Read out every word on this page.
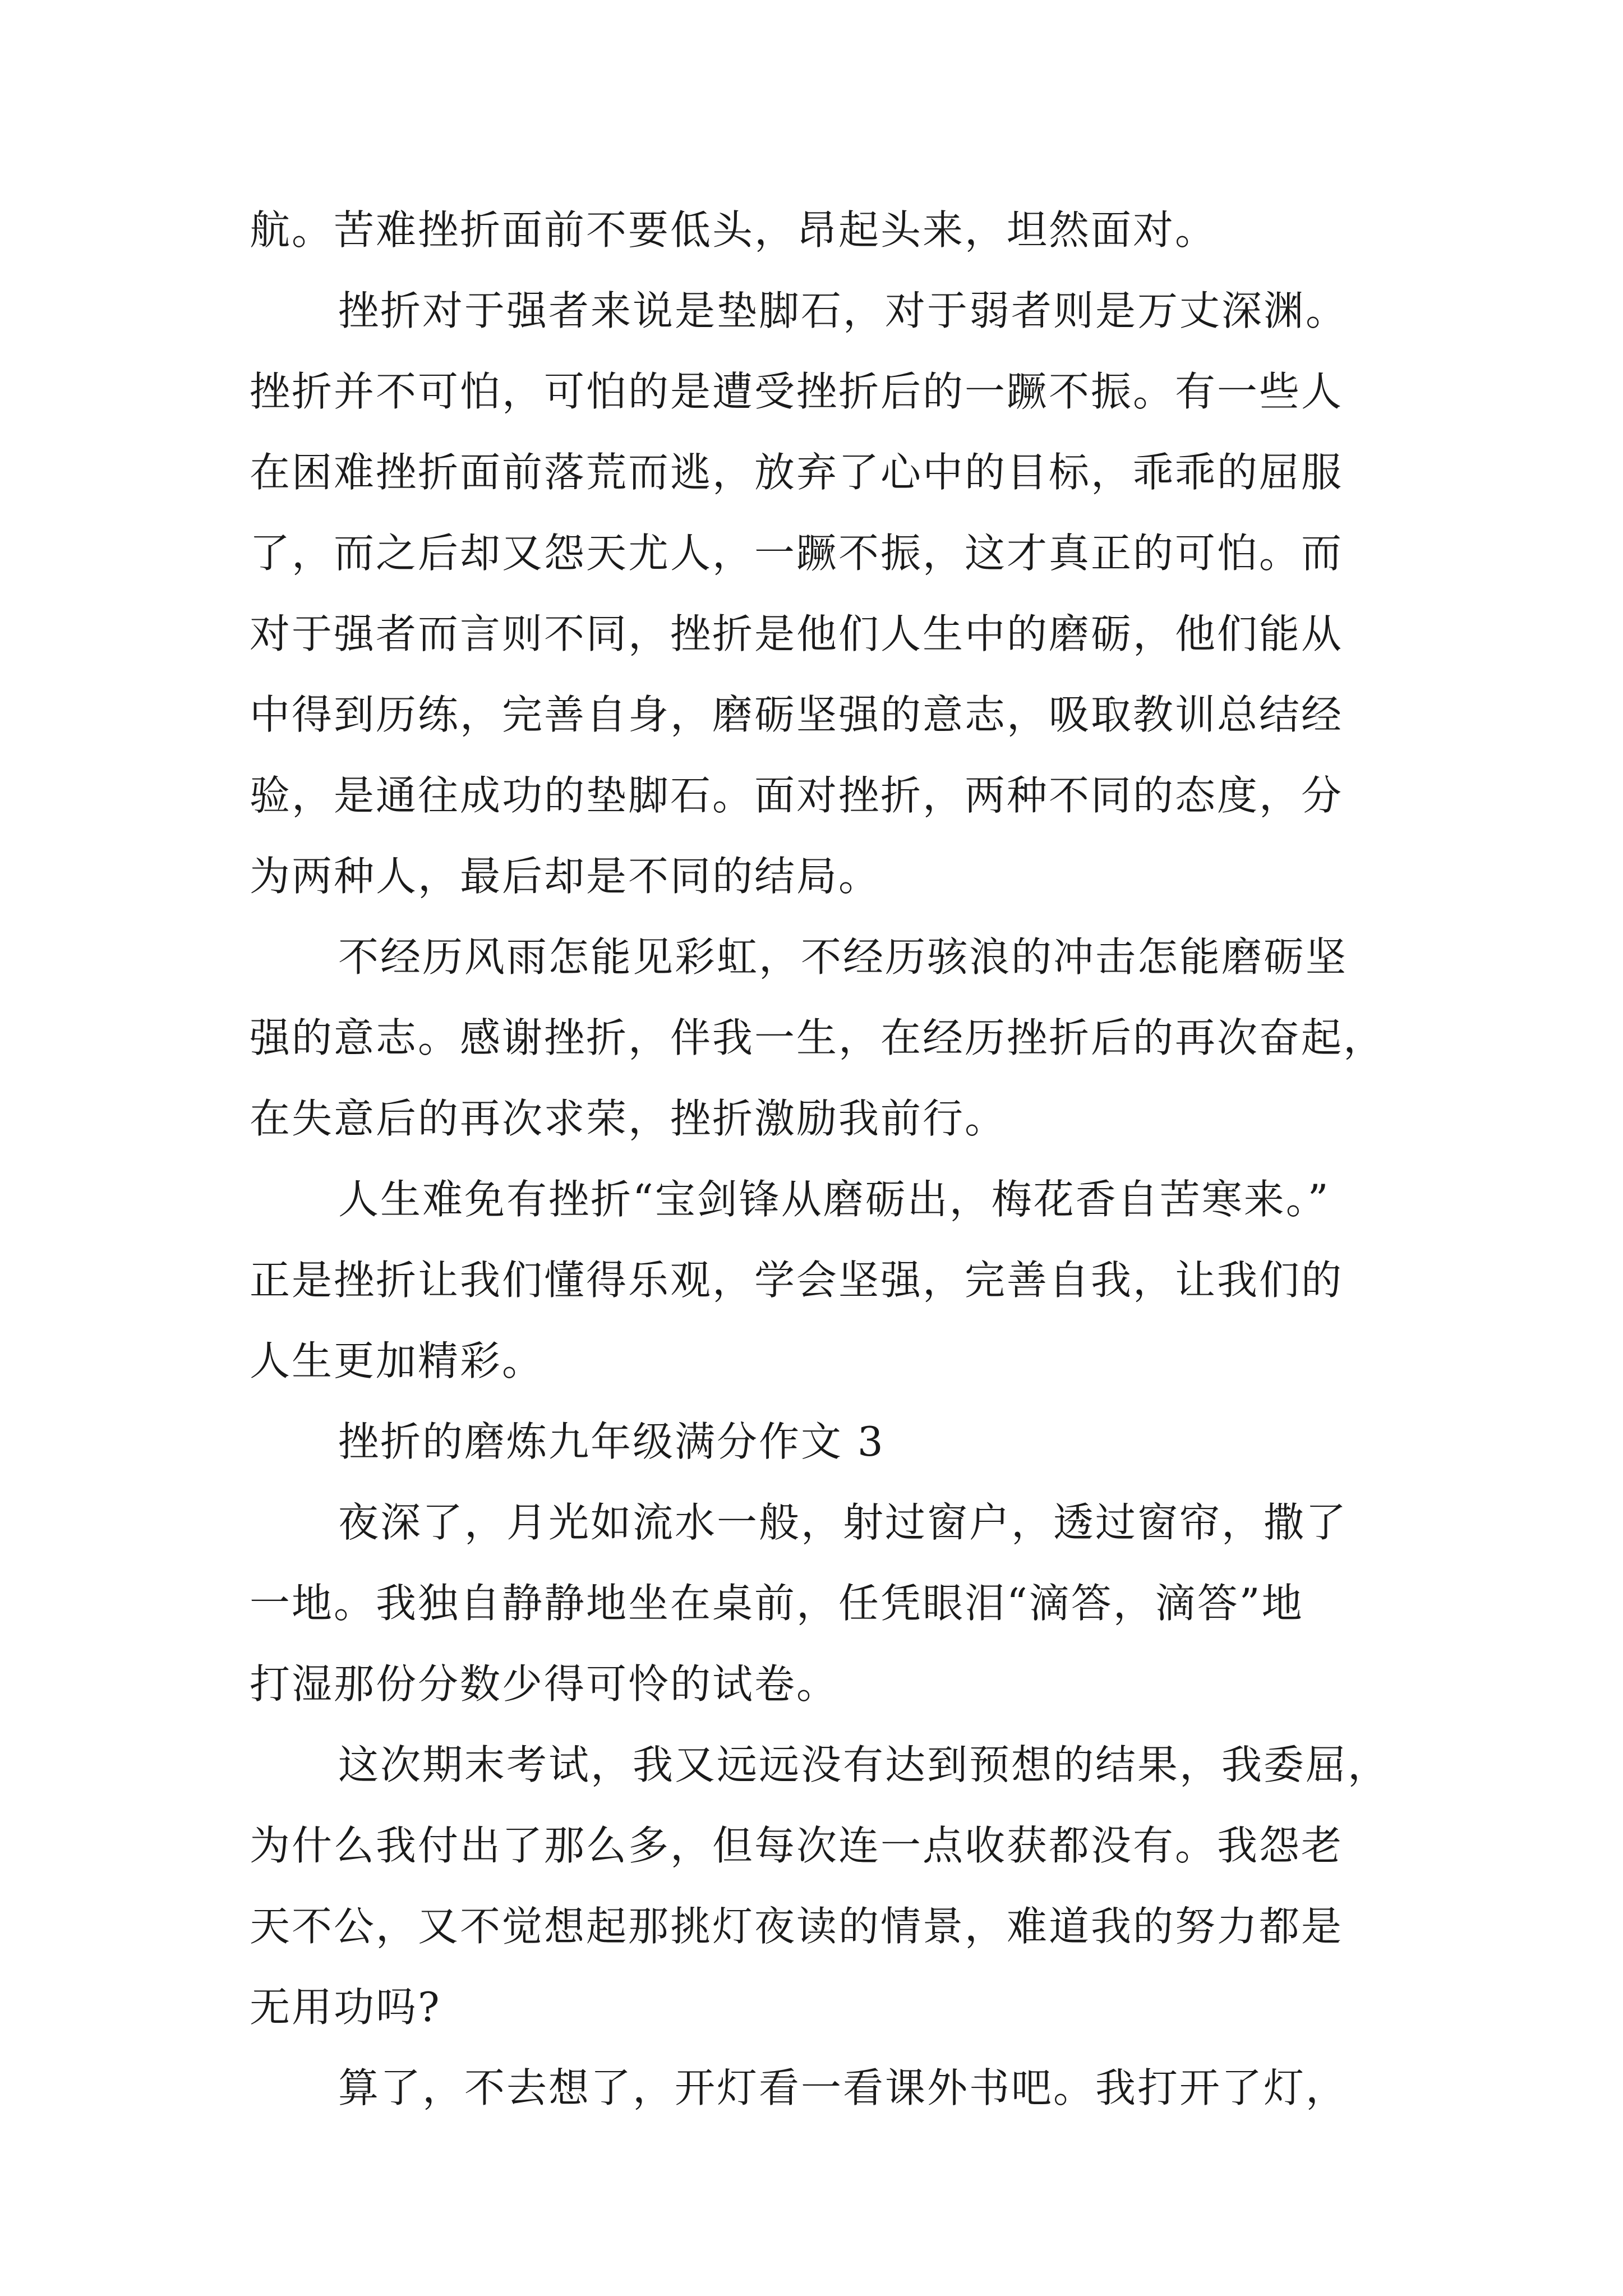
航。苦难挫折面前不要低头，昂起头来，坦然面对。
挫折对于强者来说是垫脚石，对于弱者则是万丈深渊。
挫折并不可怕，可怕的是遭受挫折后的一蹶不振。有一些人
在困难挫折面前落荒而逃，放弃了心中的目标，乖乖的屈服
了，而之后却又怨天尤人，一蹶不振，这才真正的可怕。而
对于强者而言则不同，挫折是他们人生中的磨砺，他们能从
中得到历练，完善自身，磨砺坚强的意志，吸取教训总结经
验，是通往成功的垫脚石。面对挫折，两种不同的态度，分
为两种人，最后却是不同的结局。
不经历风雨怎能见彩虹，不经历骇浪的冲击怎能磨砺坚
强的意志。感谢挫折，伴我一生，在经历挫折后的再次奋起，
在失意后的再次求荣，挫折激励我前行。
人生难免有挫折“宝剑锋从磨砺出，梅花香自苦寒来。”
正是挫折让我们懂得乐观，学会坚强，完善自我，让我们的
人生更加精彩。
挫折的磨炼九年级满分作文 3
夜深了，月光如流水一般，射过窗户，透过窗帘，撒了
一地。我独自静静地坐在桌前，任凭眼泪“滴答，滴答”地
打湿那份分数少得可怜的试卷。
这次期末考试，我又远远没有达到预想的结果，我委屈，
为什么我付出了那么多，但每次连一点收获都没有。我怨老
天不公，又不觉想起那挑灯夜读的情景，难道我的努力都是
无用功吗?
算了，不去想了，开灯看一看课外书吧。我打开了灯，
